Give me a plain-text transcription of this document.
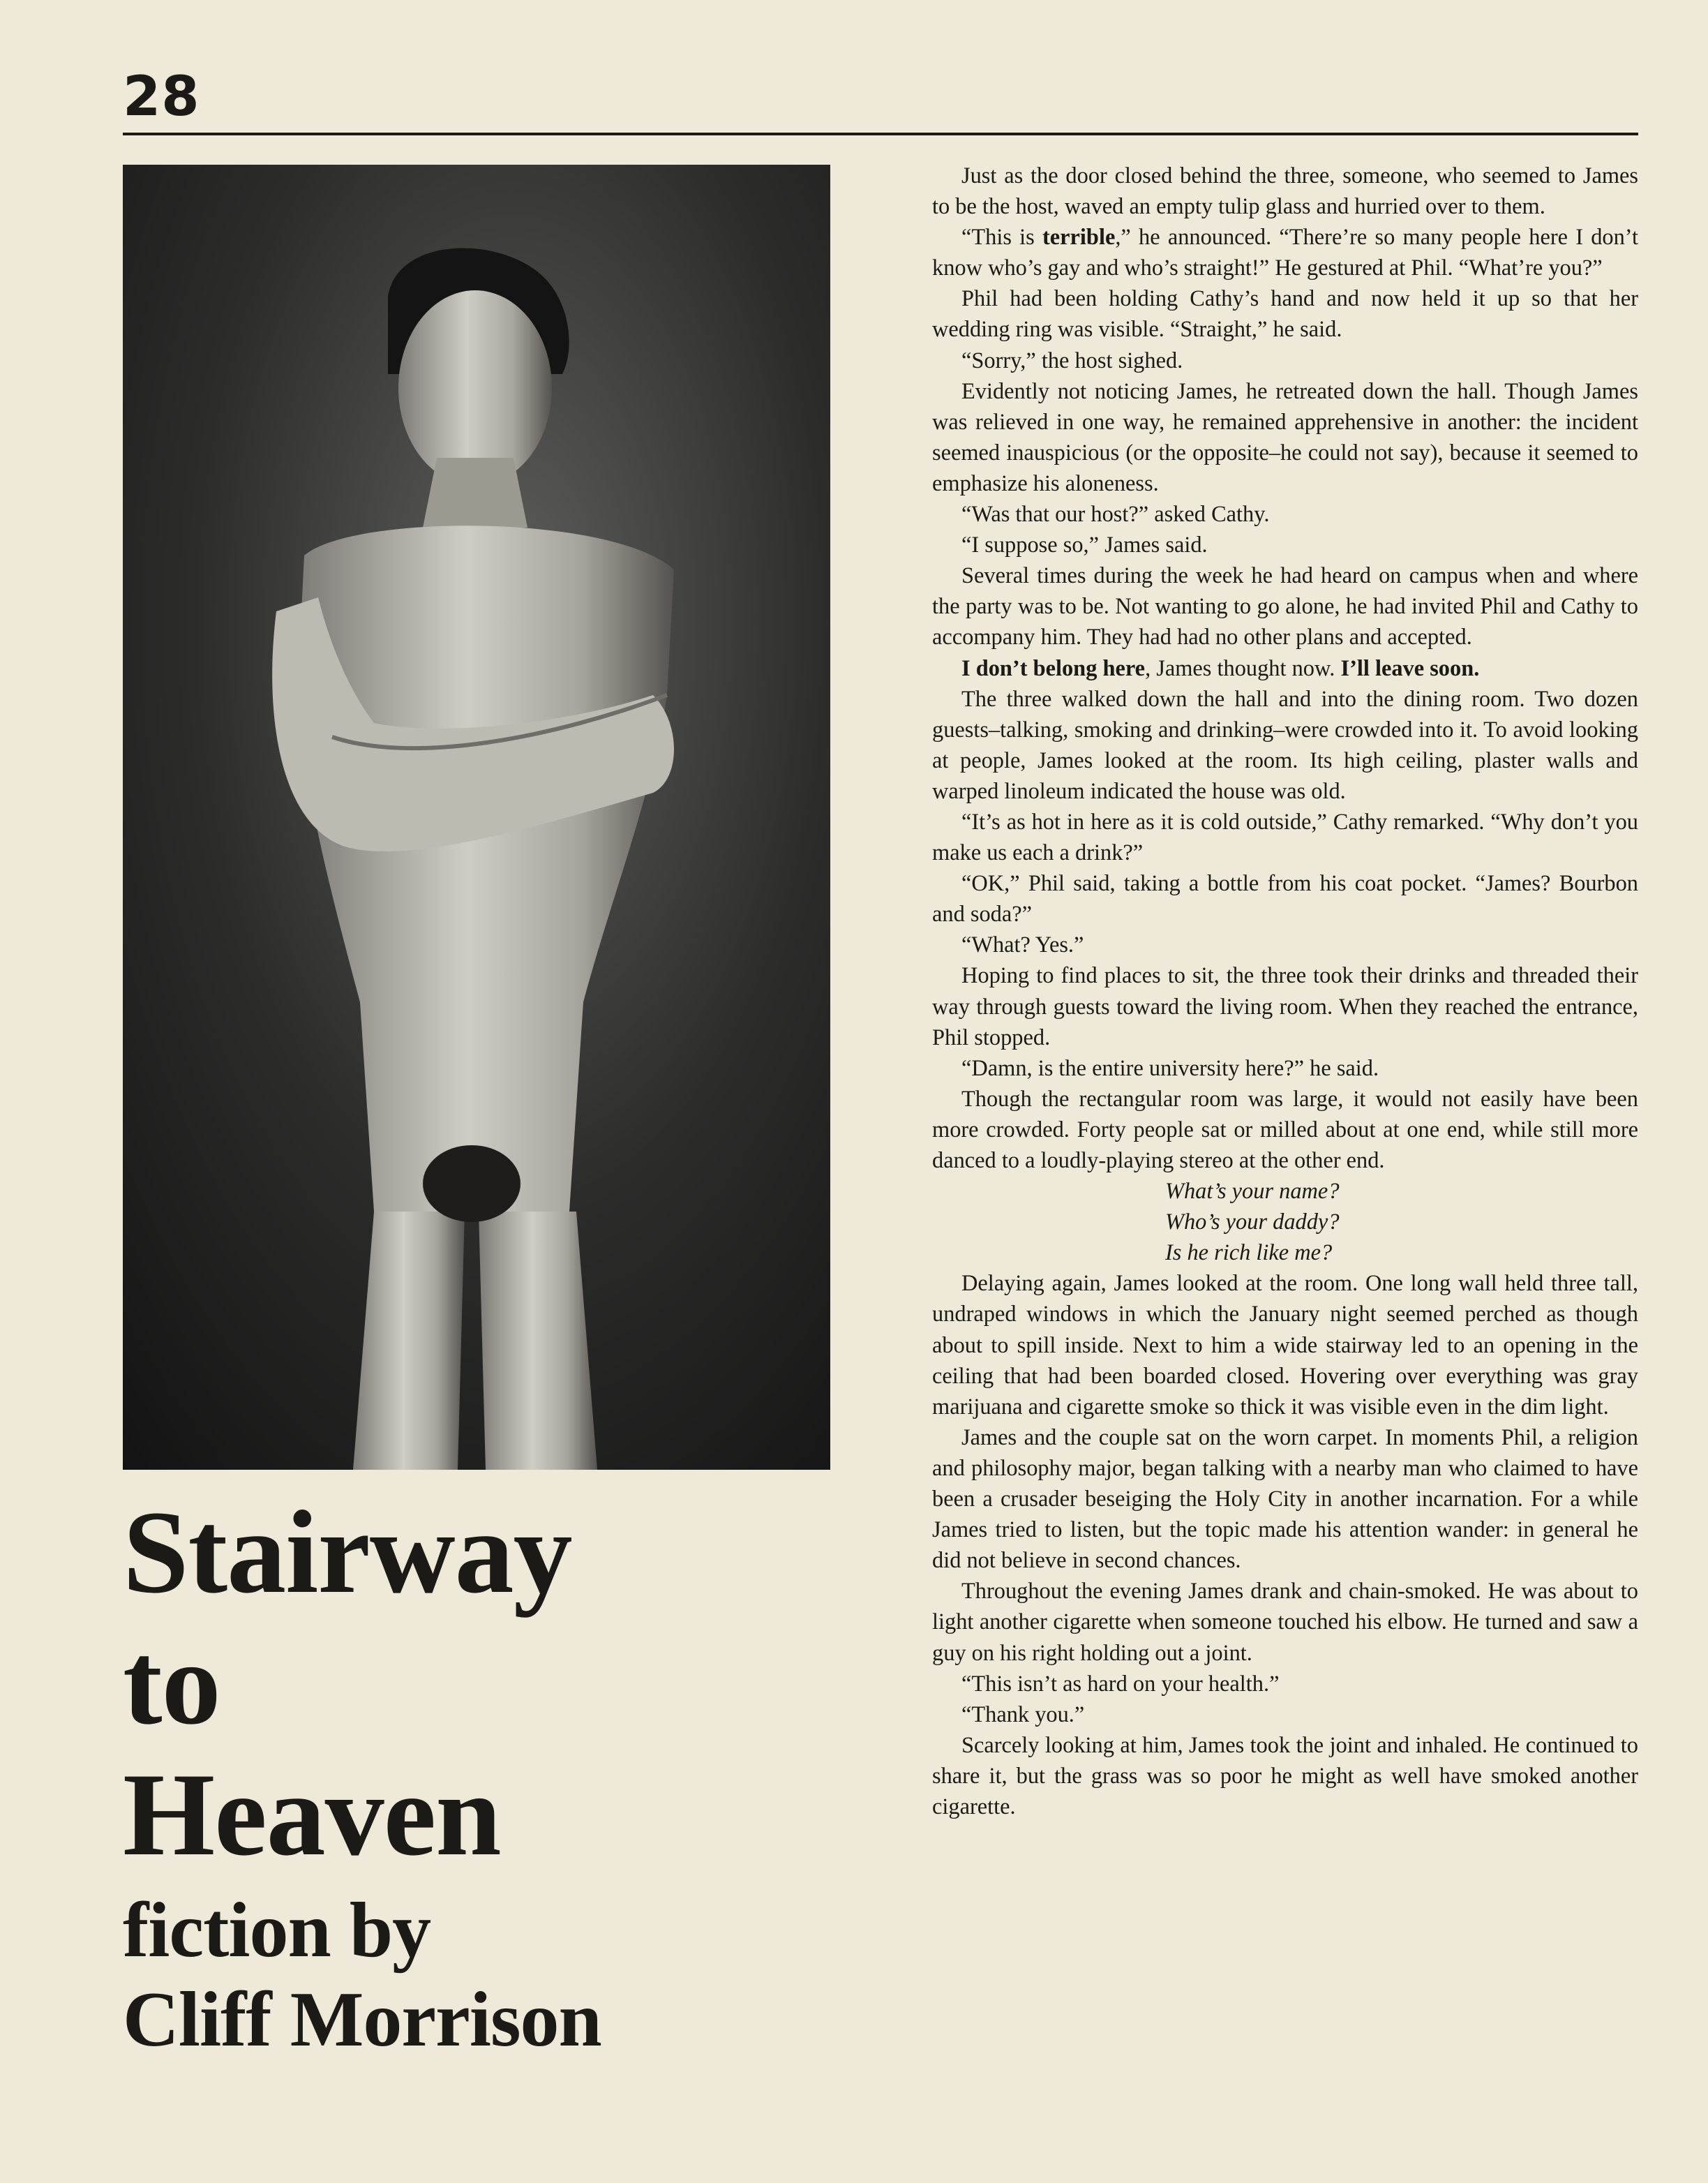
28
Stairway
to
Heaven
fiction by
Cliff Morrison

Just as the door closed behind the three, someone, who seemed to James to be the host, waved an empty tulip glass and hurried over to them.

“This is terrible,” he announced. “There’re so many people here I don’t know who’s gay and who’s straight!” He gestured at Phil. “What’re you?”

Phil had been holding Cathy’s hand and now held it up so that her wedding ring was visible. “Straight,” he said.

“Sorry,” the host sighed.

Evidently not noticing James, he retreated down the hall. Though James was relieved in one way, he remained apprehensive in another: the incident seemed inauspicious (or the opposite–he could not say), because it seemed to emphasize his aloneness.

“Was that our host?” asked Cathy.

“I suppose so,” James said.

Several times during the week he had heard on campus when and where the party was to be. Not wanting to go alone, he had invited Phil and Cathy to accompany him. They had had no other plans and accepted.

I don’t belong here, James thought now. I’ll leave soon.

The three walked down the hall and into the dining room. Two dozen guests–talking, smoking and drinking–were crowded into it. To avoid looking at people, James looked at the room. Its high ceiling, plaster walls and warped linoleum indicated the house was old.

“It’s as hot in here as it is cold outside,” Cathy remarked. “Why don’t you make us each a drink?”

“OK,” Phil said, taking a bottle from his coat pocket. “James? Bourbon and soda?”

“What? Yes.”

Hoping to find places to sit, the three took their drinks and threaded their way through guests toward the living room. When they reached the entrance, Phil stopped.

“Damn, is the entire university here?” he said.

Though the rectangular room was large, it would not easily have been more crowded. Forty people sat or milled about at one end, while still more danced to a loudly-playing stereo at the other end.

What’s your name?
Who’s your daddy?
Is he rich like me?

Delaying again, James looked at the room. One long wall held three tall, undraped windows in which the January night seemed perched as though about to spill inside. Next to him a wide stairway led to an opening in the ceiling that had been boarded closed. Hovering over everything was gray marijuana and cigarette smoke so thick it was visible even in the dim light.

James and the couple sat on the worn carpet. In moments Phil, a religion and philosophy major, began talking with a nearby man who claimed to have been a crusader beseiging the Holy City in another incarnation. For a while James tried to listen, but the topic made his attention wander: in general he did not believe in second chances.

Throughout the evening James drank and chain-smoked. He was about to light another cigarette when someone touched his elbow. He turned and saw a guy on his right holding out a joint.

“This isn’t as hard on your health.”

“Thank you.”

Scarcely looking at him, James took the joint and inhaled. He continued to share it, but the grass was so poor he might as well have smoked another cigarette.
